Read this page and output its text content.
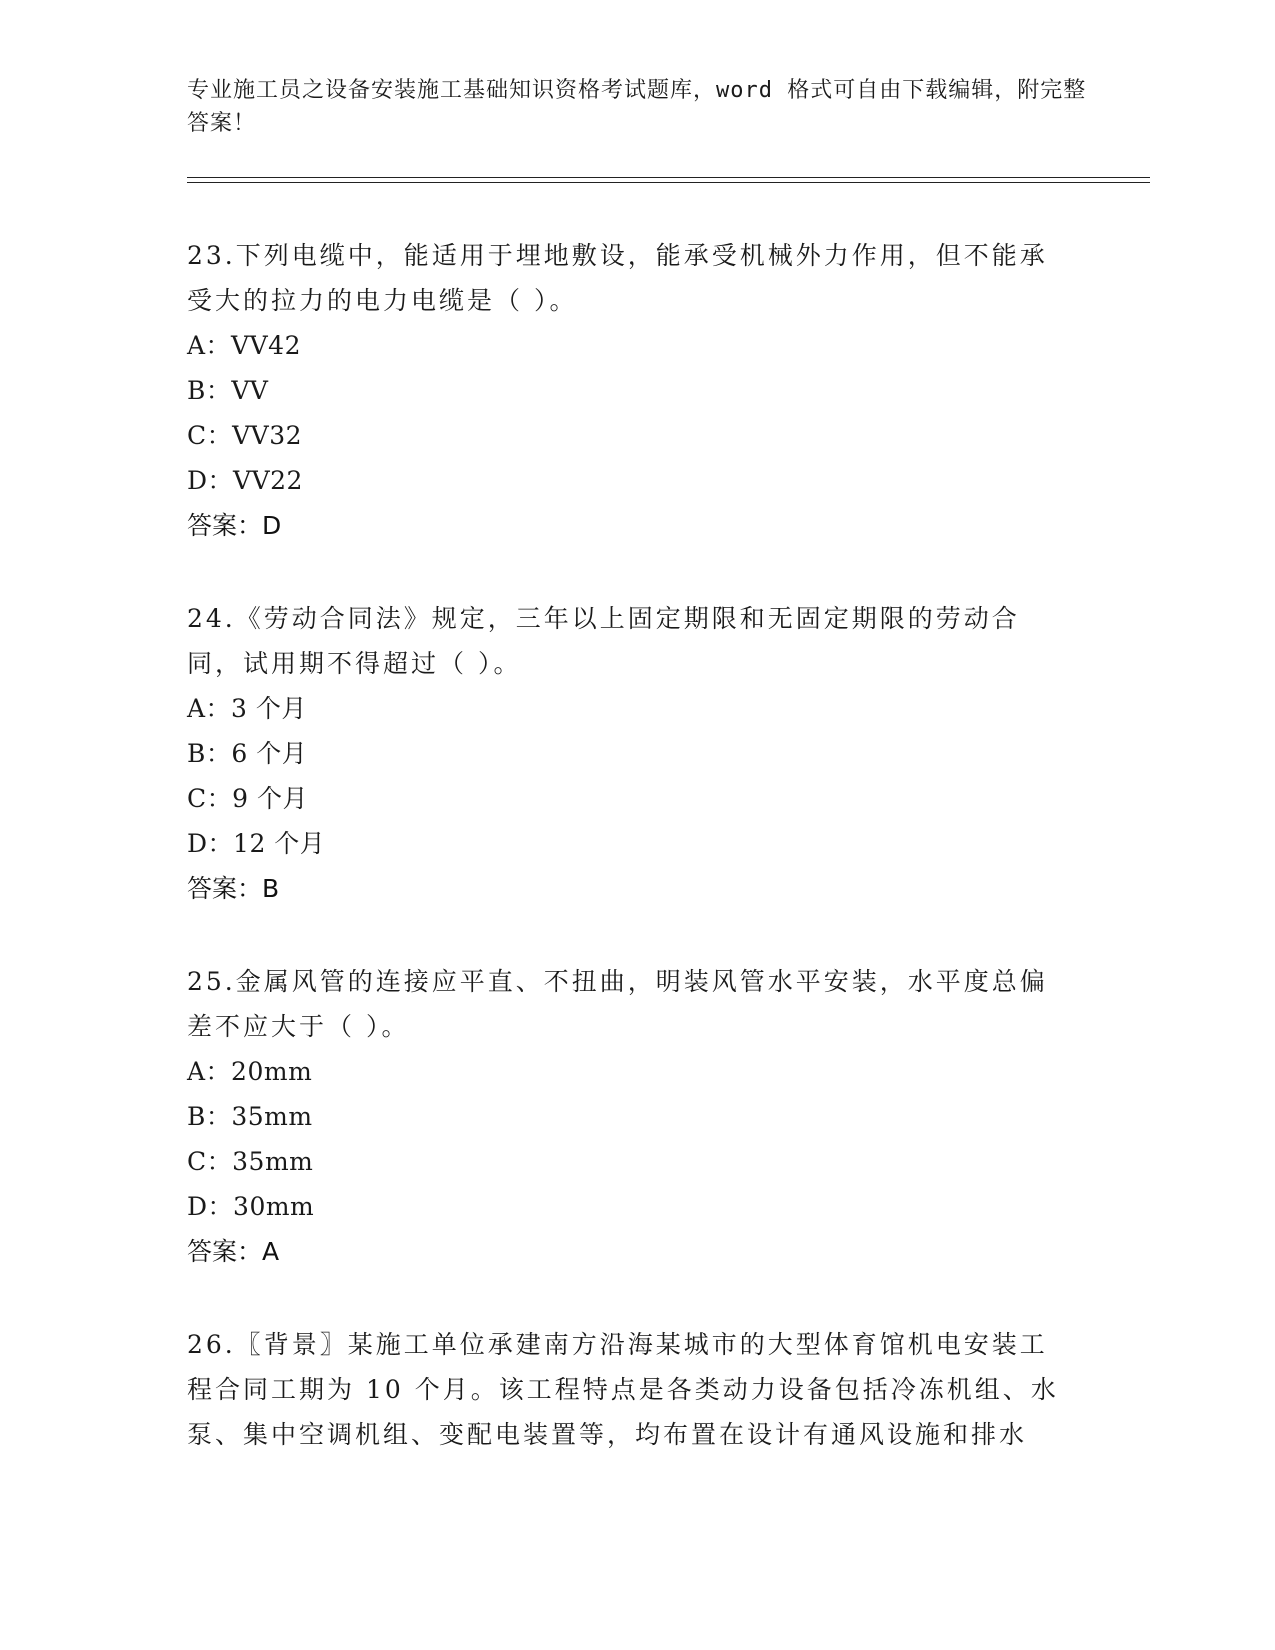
专业施工员之设备安装施工基础知识资格考试题库，word 格式可自由下载编辑，附完整答案！

23.下列电缆中，能适用于埋地敷设，能承受机械外力作用，但不能承受大的拉力的电力电缆是（ ）。

A：VV42

B：VV

C：VV32

D：VV22

答案：D

24.《劳动合同法》规定，三年以上固定期限和无固定期限的劳动合同，试用期不得超过（ ）。

A：3 个月

B：6 个月

C：9 个月

D：12 个月

答案：B

25.金属风管的连接应平直、不扭曲，明装风管水平安装，水平度总偏差不应大于（ ）。

A：20mm

B：35mm

C：35mm

D：30mm

答案：A

26.〖背景〗某施工单位承建南方沿海某城市的大型体育馆机电安装工程合同工期为 10 个月。该工程特点是各类动力设备包括冷冻机组、水泵、集中空调机组、变配电装置等，均布置在设计有通风设施和排水
